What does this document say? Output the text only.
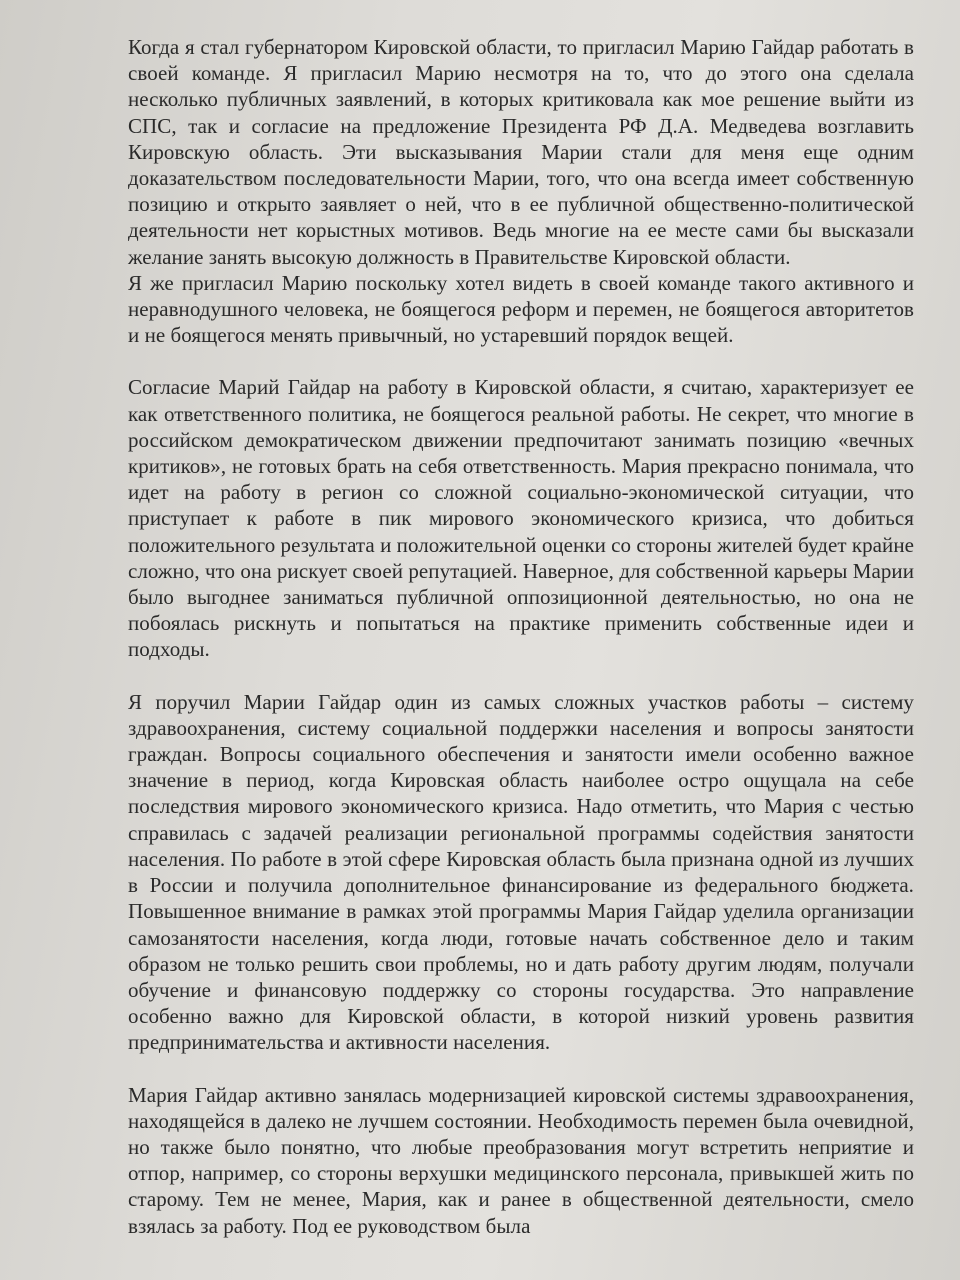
Когда я стал губернатором Кировской области, то пригласил Марию Гайдар работать в своей команде. Я пригласил Марию несмотря на то, что до этого она сделала несколько публичных заявлений, в которых критиковала как мое решение выйти из СПС, так и согласие на предложение Президента РФ Д.А. Медведева возглавить Кировскую область. Эти высказывания Марии стали для меня еще одним доказательством последовательности Марии, того, что она всегда имеет собственную позицию и открыто заявляет о ней, что в ее публичной общественно-политической деятельности нет корыстных мотивов. Ведь многие на ее месте сами бы высказали желание занять высокую должность в Правительстве Кировской области.

Я же пригласил Марию поскольку хотел видеть в своей команде такого активного и неравнодушного человека, не боящегося реформ и перемен, не боящегося авторитетов и не боящегося менять привычный, но устаревший порядок вещей.

Согласие Марий Гайдар на работу в Кировской области, я считаю, характеризует ее как ответственного политика, не боящегося реальной работы. Не секрет, что многие в российском демократическом движении предпочитают занимать позицию «вечных критиков», не готовых брать на себя ответственность. Мария прекрасно понимала, что идет на работу в регион со сложной социально-экономической ситуации, что приступает к работе в пик мирового экономического кризиса, что добиться положительного результата и положительной оценки со стороны жителей будет крайне сложно, что она рискует своей репутацией. Наверное, для собственной карьеры Марии было выгоднее заниматься публичной оппозиционной деятельностью, но она не побоялась рискнуть и попытаться на практике применить собственные идеи и подходы.

Я поручил Марии Гайдар один из самых сложных участков работы – систему здравоохранения, систему социальной поддержки населения и вопросы занятости граждан. Вопросы социального обеспечения и занятости имели особенно важное значение в период, когда Кировская область наиболее остро ощущала на себе последствия мирового экономического кризиса. Надо отметить, что Мария с честью справилась с задачей реализации региональной программы содействия занятости населения. По работе в этой сфере Кировская область была признана одной из лучших в России и получила дополнительное финансирование из федерального бюджета. Повышенное внимание в рамках этой программы Мария Гайдар уделила организации самозанятости населения, когда люди, готовые начать собственное дело и таким образом не только решить свои проблемы, но и дать работу другим людям, получали обучение и финансовую поддержку со стороны государства. Это направление особенно важно для Кировской области, в которой низкий уровень развития предпринимательства и активности населения.

Мария Гайдар активно занялась модернизацией кировской системы здравоохранения, находящейся в далеко не лучшем состоянии. Необходимость перемен была очевидной, но также было понятно, что любые преобразования могут встретить неприятие и отпор, например, со стороны верхушки медицинского персонала, привыкшей жить по старому. Тем не менее, Мария, как и ранее в общественной деятельности, смело взялась за работу. Под ее руководством была
